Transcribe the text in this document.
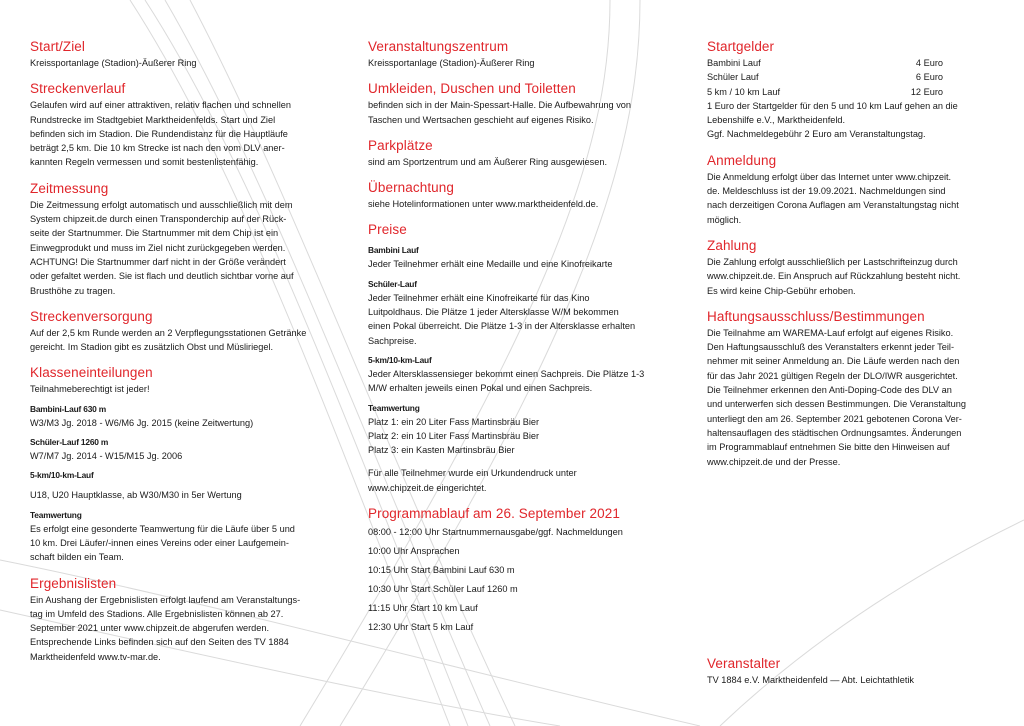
Start/Ziel

Kreissportanlage (Stadion)-Äußerer Ring

Streckenverlauf

Gelaufen wird auf einer attraktiven, relativ flachen und schnellen

Rundstrecke im Stadtgebiet Marktheidenfelds. Start und Ziel

befinden sich im Stadion. Die Rundendistanz für die Hauptläufe

beträgt 2,5 km. Die 10 km Strecke ist nach den vom DLV aner-

kannten Regeln vermessen und somit bestenlistenfähig.

Zeitmessung

Die Zeitmessung erfolgt automatisch und ausschließlich mit dem

System chipzeit.de durch einen Transponderchip auf der Rück-

seite der Startnummer. Die Startnummer mit dem Chip ist ein

Einwegprodukt und muss im Ziel nicht zurückgegeben werden.

ACHTUNG! Die Startnummer darf nicht in der Größe verändert

oder gefaltet werden. Sie ist flach und deutlich sichtbar vorne auf

Brusthöhe zu tragen.

Streckenversorgung

Auf der 2,5 km Runde werden an 2 Verpflegungsstationen Getränke

gereicht. Im Stadion gibt es zusätzlich Obst und Müsliriegel.

Klasseneinteilungen

Teilnahmeberechtigt ist jeder!

Bambini-Lauf 630 m

W3/M3 Jg. 2018 - W6/M6 Jg. 2015 (keine Zeitwertung)

Schüler-Lauf 1260 m

W7/M7 Jg. 2014 - W15/M15 Jg. 2006

5-km/10-km-Lauf

U18, U20 Hauptklasse, ab W30/M30 in 5er Wertung

Teamwertung

Es erfolgt eine gesonderte Teamwertung für die Läufe über 5 und

10 km. Drei Läufer/-innen eines Vereins oder einer Laufgemein-

schaft bilden ein Team.

Ergebnislisten

Ein Aushang der Ergebnislisten erfolgt laufend am Veranstaltungs-

tag im Umfeld des Stadions. Alle Ergebnislisten können ab 27.

September 2021 unter www.chipzeit.de abgerufen werden.

Entsprechende Links befinden sich auf den Seiten des TV 1884

Marktheidenfeld www.tv-mar.de.

Veranstaltungszentrum

Kreissportanlage (Stadion)-Äußerer Ring

Umkleiden, Duschen und Toiletten

befinden sich in der Main-Spessart-Halle. Die Aufbewahrung von

Taschen und Wertsachen geschieht auf eigenes Risiko.

Parkplätze

sind am Sportzentrum und am Äußerer Ring ausgewiesen.

Übernachtung

siehe Hotelinformationen unter www.marktheidenfeld.de.

Preise

Bambini Lauf

Jeder Teilnehmer erhält eine Medaille und eine Kinofreikarte

Schüler-Lauf

Jeder Teilnehmer erhält eine Kinofreikarte für das Kino

Luitpoldhaus. Die Plätze 1 jeder Altersklasse W/M bekommen

einen Pokal überreicht. Die Plätze 1-3 in der Altersklasse erhalten

Sachpreise.

5-km/10-km-Lauf

Jeder Altersklassensieger bekommt einen Sachpreis. Die Plätze 1-3

M/W erhalten jeweils einen Pokal und einen Sachpreis.

Teamwertung

Platz 1: ein 20 Liter Fass Martinsbräu Bier

Platz 2: ein 10 Liter Fass Martinsbräu Bier

Platz 3: ein Kasten Martinsbräu Bier

Für alle Teilnehmer wurde ein Urkundendruck unter

www.chipzeit.de eingerichtet.

Programmablauf am 26. September 2021

08:00 - 12:00 Uhr Startnummernausgabe/ggf. Nachmeldungen

10:00 Uhr Ansprachen

10:15 Uhr Start Bambini Lauf 630 m

10:30 Uhr Start Schüler Lauf 1260 m

11:15 Uhr Start 10 km Lauf

12:30 Uhr Start 5 km Lauf

Startgelder
Bambini Lauf	4 Euro
Schüler Lauf	6 Euro
5 km / 10 km Lauf	12 Euro

1 Euro der Startgelder für den 5 und 10 km Lauf gehen an die

Lebenshilfe e.V., Marktheidenfeld.

Ggf. Nachmeldegebühr 2 Euro am Veranstaltungstag.

Anmeldung

Die Anmeldung erfolgt über das Internet unter www.chipzeit.

de. Meldeschluss ist der 19.09.2021. Nachmeldungen sind

nach derzeitigen Corona Auflagen am Veranstaltungstag nicht

möglich.

Zahlung

Die Zahlung erfolgt ausschließlich per Lastschrifteinzug durch

www.chipzeit.de. Ein Anspruch auf Rückzahlung besteht nicht.

Es wird keine Chip-Gebühr erhoben.

Haftungsausschluss/Bestimmungen

Die Teilnahme am WAREMA-Lauf erfolgt auf eigenes Risiko.

Den Haftungsausschluß des Veranstalters erkennt jeder Teil-

nehmer mit seiner Anmeldung an. Die Läufe werden nach den

für das Jahr 2021 gültigen Regeln der DLO/IWR ausgerichtet.

Die Teilnehmer erkennen den Anti-Doping-Code des DLV an

und unterwerfen sich dessen Bestimmungen. Die Veranstaltung

unterliegt den am 26. September 2021 gebotenen Corona Ver-

haltensauflagen des städtischen Ordnungsamtes. Änderungen

im Programmablauf entnehmen Sie bitte den Hinweisen auf

www.chipzeit.de und der Presse.

Veranstalter

TV 1884 e.V. Marktheidenfeld — Abt. Leichtathletik
